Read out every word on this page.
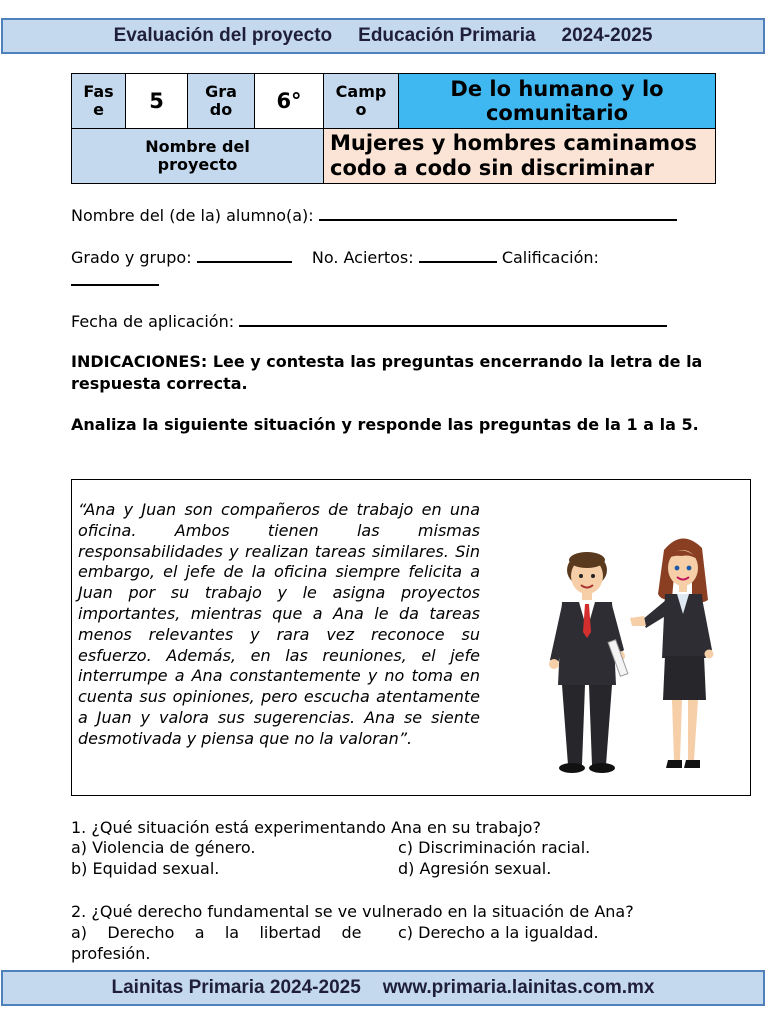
Evaluación del proyecto Educación Primaria 2024-2025
Fase	5	Grado	6°	Campo	De lo humano y lo comunitario
Nombre del proyecto				Mujeres y hombres caminamos codo a codo sin discriminar	
Nombre del (de la) alumno(a):
Grado y grupo:	No. Aciertos:	Calificación:
Fecha de aplicación:
INDICACIONES: Lee y contesta las preguntas encerrando la letra de la respuesta correcta.
Analiza la siguiente situación y responde las preguntas de la 1 a la 5.
“Ana y Juan son compañeros de trabajo en una oficina. Ambos tienen las mismas responsabilidades y realizan tareas similares. Sin embargo, el jefe de la oficina siempre felicita a Juan por su trabajo y le asigna proyectos importantes, mientras que a Ana le da tareas menos relevantes y rara vez reconoce su esfuerzo. Además, en las reuniones, el jefe interrumpe a Ana constantemente y no toma en cuenta sus opiniones, pero escucha atentamente a Juan y valora sus sugerencias. Ana se siente desmotivada y piensa que no la valoran”.
1. ¿Qué situación está experimentando Ana en su trabajo?
a) Violencia de género.	c) Discriminación racial.
b) Equidad sexual.	d) Agresión sexual.
2. ¿Qué derecho fundamental se ve vulnerado en la situación de Ana?
a)    Derecho    a    la    libertad    de profesión.
c) Derecho a la igualdad.
Lainitas Primaria 2024-2025 www.primaria.lainitas.com.mx
